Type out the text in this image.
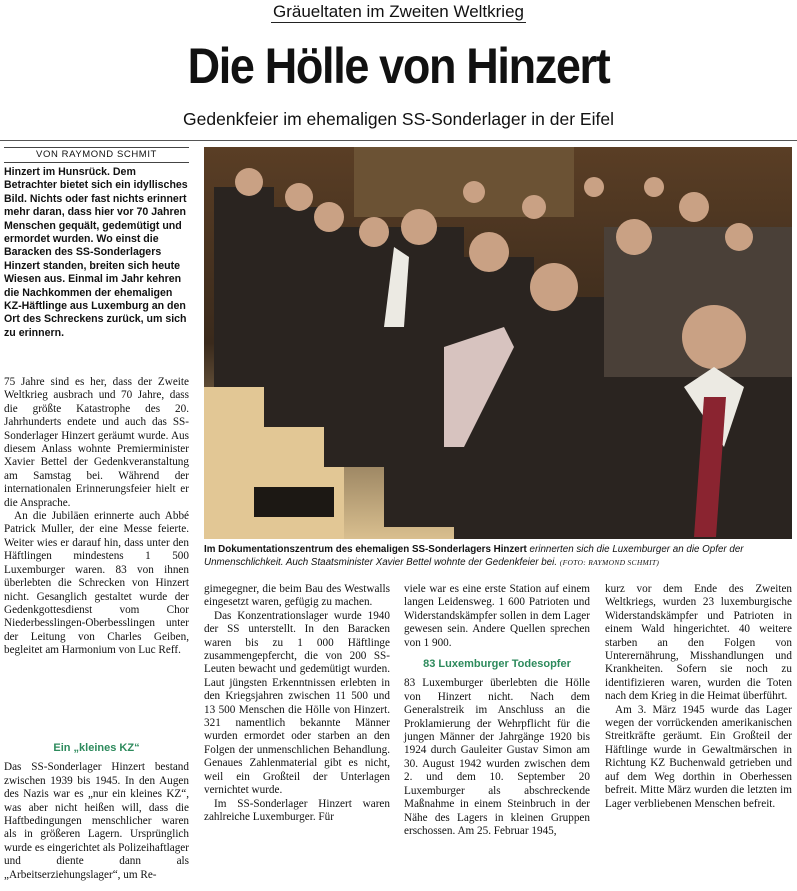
Gräueltaten im Zweiten Weltkrieg
Die Hölle von Hinzert
Gedenkfeier im ehemaligen SS-Sonderlager in der Eifel
VON RAYMOND SCHMIT
Hinzert im Hunsrück. Dem Betrachter bietet sich ein idyllisches Bild. Nichts oder fast nichts erinnert mehr daran, dass hier vor 70 Jahren Menschen gequält, gedemütigt und ermordet wurden. Wo einst die Baracken des SS-Sonderlagers Hinzert standen, breiten sich heute Wiesen aus. Einmal im Jahr kehren die Nachkommen der ehemaligen KZ-Häftlinge aus Luxemburg an den Ort des Schreckens zurück, um sich zu erinnern.

75 Jahre sind es her, dass der Zweite Weltkrieg ausbrach und 70 Jahre, dass die größte Katastrophe des 20. Jahrhunderts endete und auch das SS-Sonderlager Hinzert geräumt wurde. Aus diesem Anlass wohnte Premierminister Xavier Bettel der Gedenkveranstaltung am Samstag bei. Während der internationalen Erinnerungsfeier hielt er die Ansprache.

An die Jubiläen erinnerte auch Abbé Patrick Muller, der eine Messe feierte. Weiter wies er darauf hin, dass unter den Häftlingen mindestens 1 500 Luxemburger waren. 83 von ihnen überlebten die Schrecken von Hinzert nicht. Gesanglich gestaltet wurde der Gedenkgottesdienst vom Chor Niederbesslingen-Oberbesslingen unter der Leitung von Charles Geiben, begleitet am Harmonium von Luc Reff.

Ein „kleines KZ“

Das SS-Sonderlager Hinzert bestand zwischen 1939 bis 1945. In den Augen des Nazis war es „nur ein kleines KZ“, was aber nicht heißen will, dass die Haftbedingungen menschlicher waren als in größeren Lagern. Ursprünglich wurde es eingerichtet als Polizeihaftlager und diente dann als „Arbeitserziehungslager“, um Re-

Im Dokumentationszentrum des ehemaligen SS-Sonderlagers Hinzert erinnerten sich die Luxemburger an die Opfer der Unmenschlichkeit. Auch Staatsminister Xavier Bettel wohnte der Gedenkfeier bei. (FOTO: RAYMOND SCHMIT)

gimegegner, die beim Bau des Westwalls eingesetzt waren, gefügig zu machen.

Das Konzentrationslager wurde 1940 der SS unterstellt. In den Baracken waren bis zu 1 000 Häftlinge zusammengepfercht, die von 200 SS-Leuten bewacht und gedemütigt wurden. Laut jüngsten Erkenntnissen erlebten in den Kriegsjahren zwischen 11 500 und 13 500 Menschen die Hölle von Hinzert. 321 namentlich bekannte Männer wurden ermordet oder starben an den Folgen der unmenschlichen Behandlung. Genaues Zahlenmaterial gibt es nicht, weil ein Großteil der Unterlagen vernichtet wurde.

Im SS-Sonderlager Hinzert waren zahlreiche Luxemburger. Für

viele war es eine erste Station auf einem langen Leidensweg. 1 600 Patrioten und Widerstandskämpfer sollen in dem Lager gewesen sein. Andere Quellen sprechen von 1 900.

83 Luxemburger Todesopfer

83 Luxemburger überlebten die Hölle von Hinzert nicht. Nach dem Generalstreik im Anschluss an die Proklamierung der Wehrpflicht für die jungen Männer der Jahrgänge 1920 bis 1924 durch Gauleiter Gustav Simon am 30. August 1942 wurden zwischen dem 2. und dem 10. September 20 Luxemburger als abschreckende Maßnahme in einem Steinbruch in der Nähe des Lagers in kleinen Gruppen erschossen. Am 25. Februar 1945,

kurz vor dem Ende des Zweiten Weltkriegs, wurden 23 luxemburgische Widerstandskämpfer und Patrioten in einem Wald hingerichtet. 40 weitere starben an den Folgen von Unterernährung, Misshandlungen und Krankheiten. Sofern sie noch zu identifizieren waren, wurden die Toten nach dem Krieg in die Heimat überführt.

Am 3. März 1945 wurde das Lager wegen der vorrückenden amerikanischen Streitkräfte geräumt. Ein Großteil der Häftlinge wurde in Gewaltmärschen in Richtung KZ Buchenwald getrieben und auf dem Weg dorthin in Oberhessen befreit. Mitte März wurden die letzten im Lager verbliebenen Menschen befreit.
